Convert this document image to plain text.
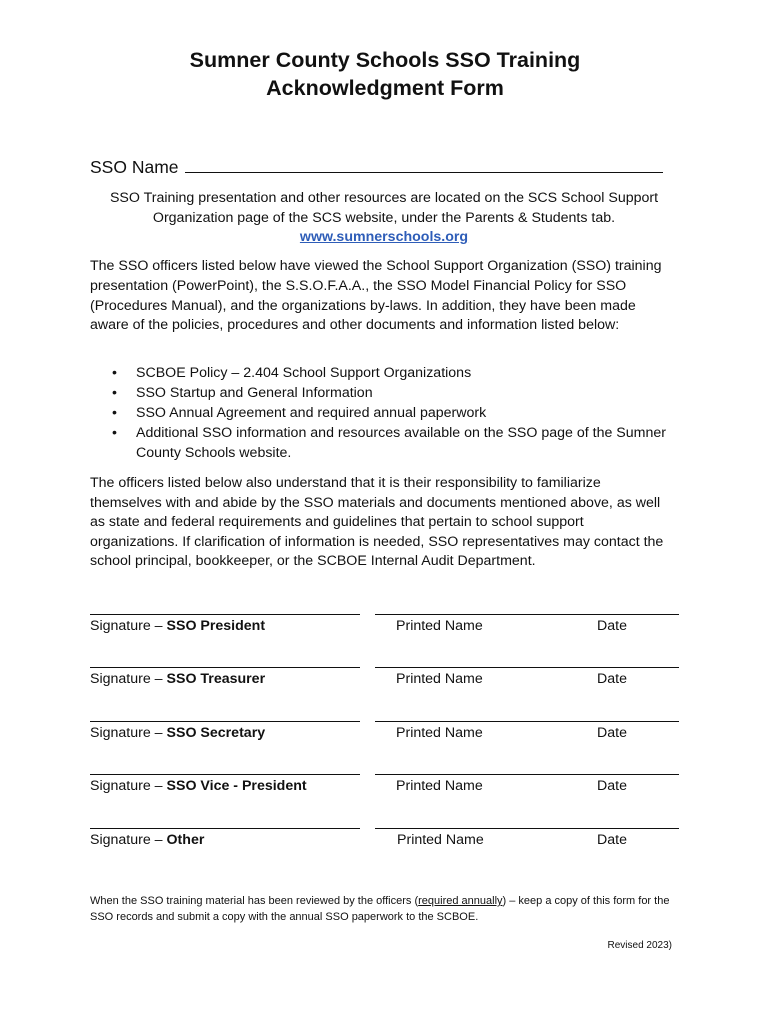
Sumner County Schools SSO Training
Acknowledgment Form
SSO Name
SSO Training presentation and other resources are located on the SCS School Support
Organization page of the SCS website, under the Parents & Students tab.
www.sumnerschools.org
The SSO officers listed below have viewed the School Support Organization (SSO) training presentation (PowerPoint), the S.S.O.F.A.A., the SSO Model Financial Policy for SSO (Procedures Manual), and the organizations by-laws. In addition, they have been made aware of the policies, procedures and other documents and information listed below:
• SCBOE Policy – 2.404 School Support Organizations
• SSO Startup and General Information
• SSO Annual Agreement and required annual paperwork
• Additional SSO information and resources available on the SSO page of the Sumner County Schools website.
The officers listed below also understand that it is their responsibility to familiarize themselves with and abide by the SSO materials and documents mentioned above, as well as state and federal requirements and guidelines that pertain to school support organizations. If clarification of information is needed, SSO representatives may contact the school principal, bookkeeper, or the SCBOE Internal Audit Department.
Signature – SSO President	Printed Name	Date
Signature – SSO Treasurer	Printed Name	Date
Signature – SSO Secretary	Printed Name	Date
Signature – SSO Vice - President	Printed Name	Date
Signature – Other	Printed Name	Date
When the SSO training material has been reviewed by the officers (required annually) – keep a copy of this form for the SSO records and submit a copy with the annual SSO paperwork to the SCBOE.
Revised 2023)
